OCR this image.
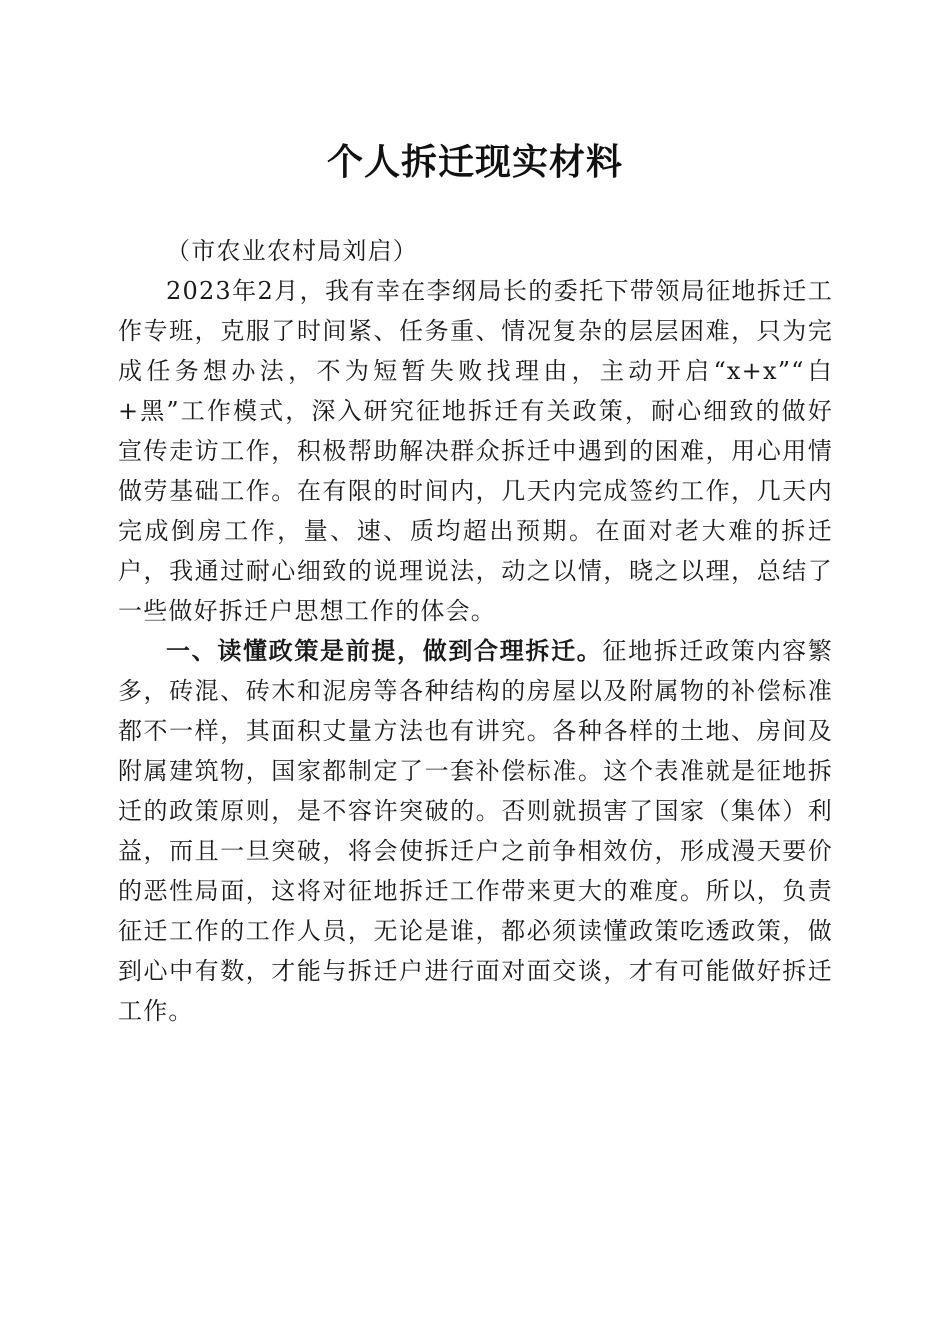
个人拆迁现实材料

（市农业农村局刘启）

2023年2月，我有幸在李纲局长的委托下带领局征地拆迁工作专班，克服了时间紧、任务重、情况复杂的层层困难，只为完成任务想办法，不为短暂失败找理由，主动开启“x+x”“白+黑”工作模式，深入研究征地拆迁有关政策，耐心细致的做好宣传走访工作，积极帮助解决群众拆迁中遇到的困难，用心用情做劳基础工作。在有限的时间内，几天内完成签约工作，几天内完成倒房工作，量、速、质均超出预期。在面对老大难的拆迁户，我通过耐心细致的说理说法，动之以情，晓之以理，总结了一些做好拆迁户思想工作的体会。

一、读懂政策是前提，做到合理拆迁。征地拆迁政策内容繁多，砖混、砖木和泥房等各种结构的房屋以及附属物的补偿标准都不一样，其面积丈量方法也有讲究。各种各样的土地、房间及附属建筑物，国家都制定了一套补偿标准。这个表准就是征地拆迁的政策原则，是不容许突破的。否则就损害了国家（集体）利益，而且一旦突破，将会使拆迁户之前争相效仿，形成漫天要价的恶性局面，这将对征地拆迁工作带来更大的难度。所以，负责征迁工作的工作人员，无论是谁，都必须读懂政策吃透政策，做到心中有数，才能与拆迁户进行面对面交谈，才有可能做好拆迁工作。
